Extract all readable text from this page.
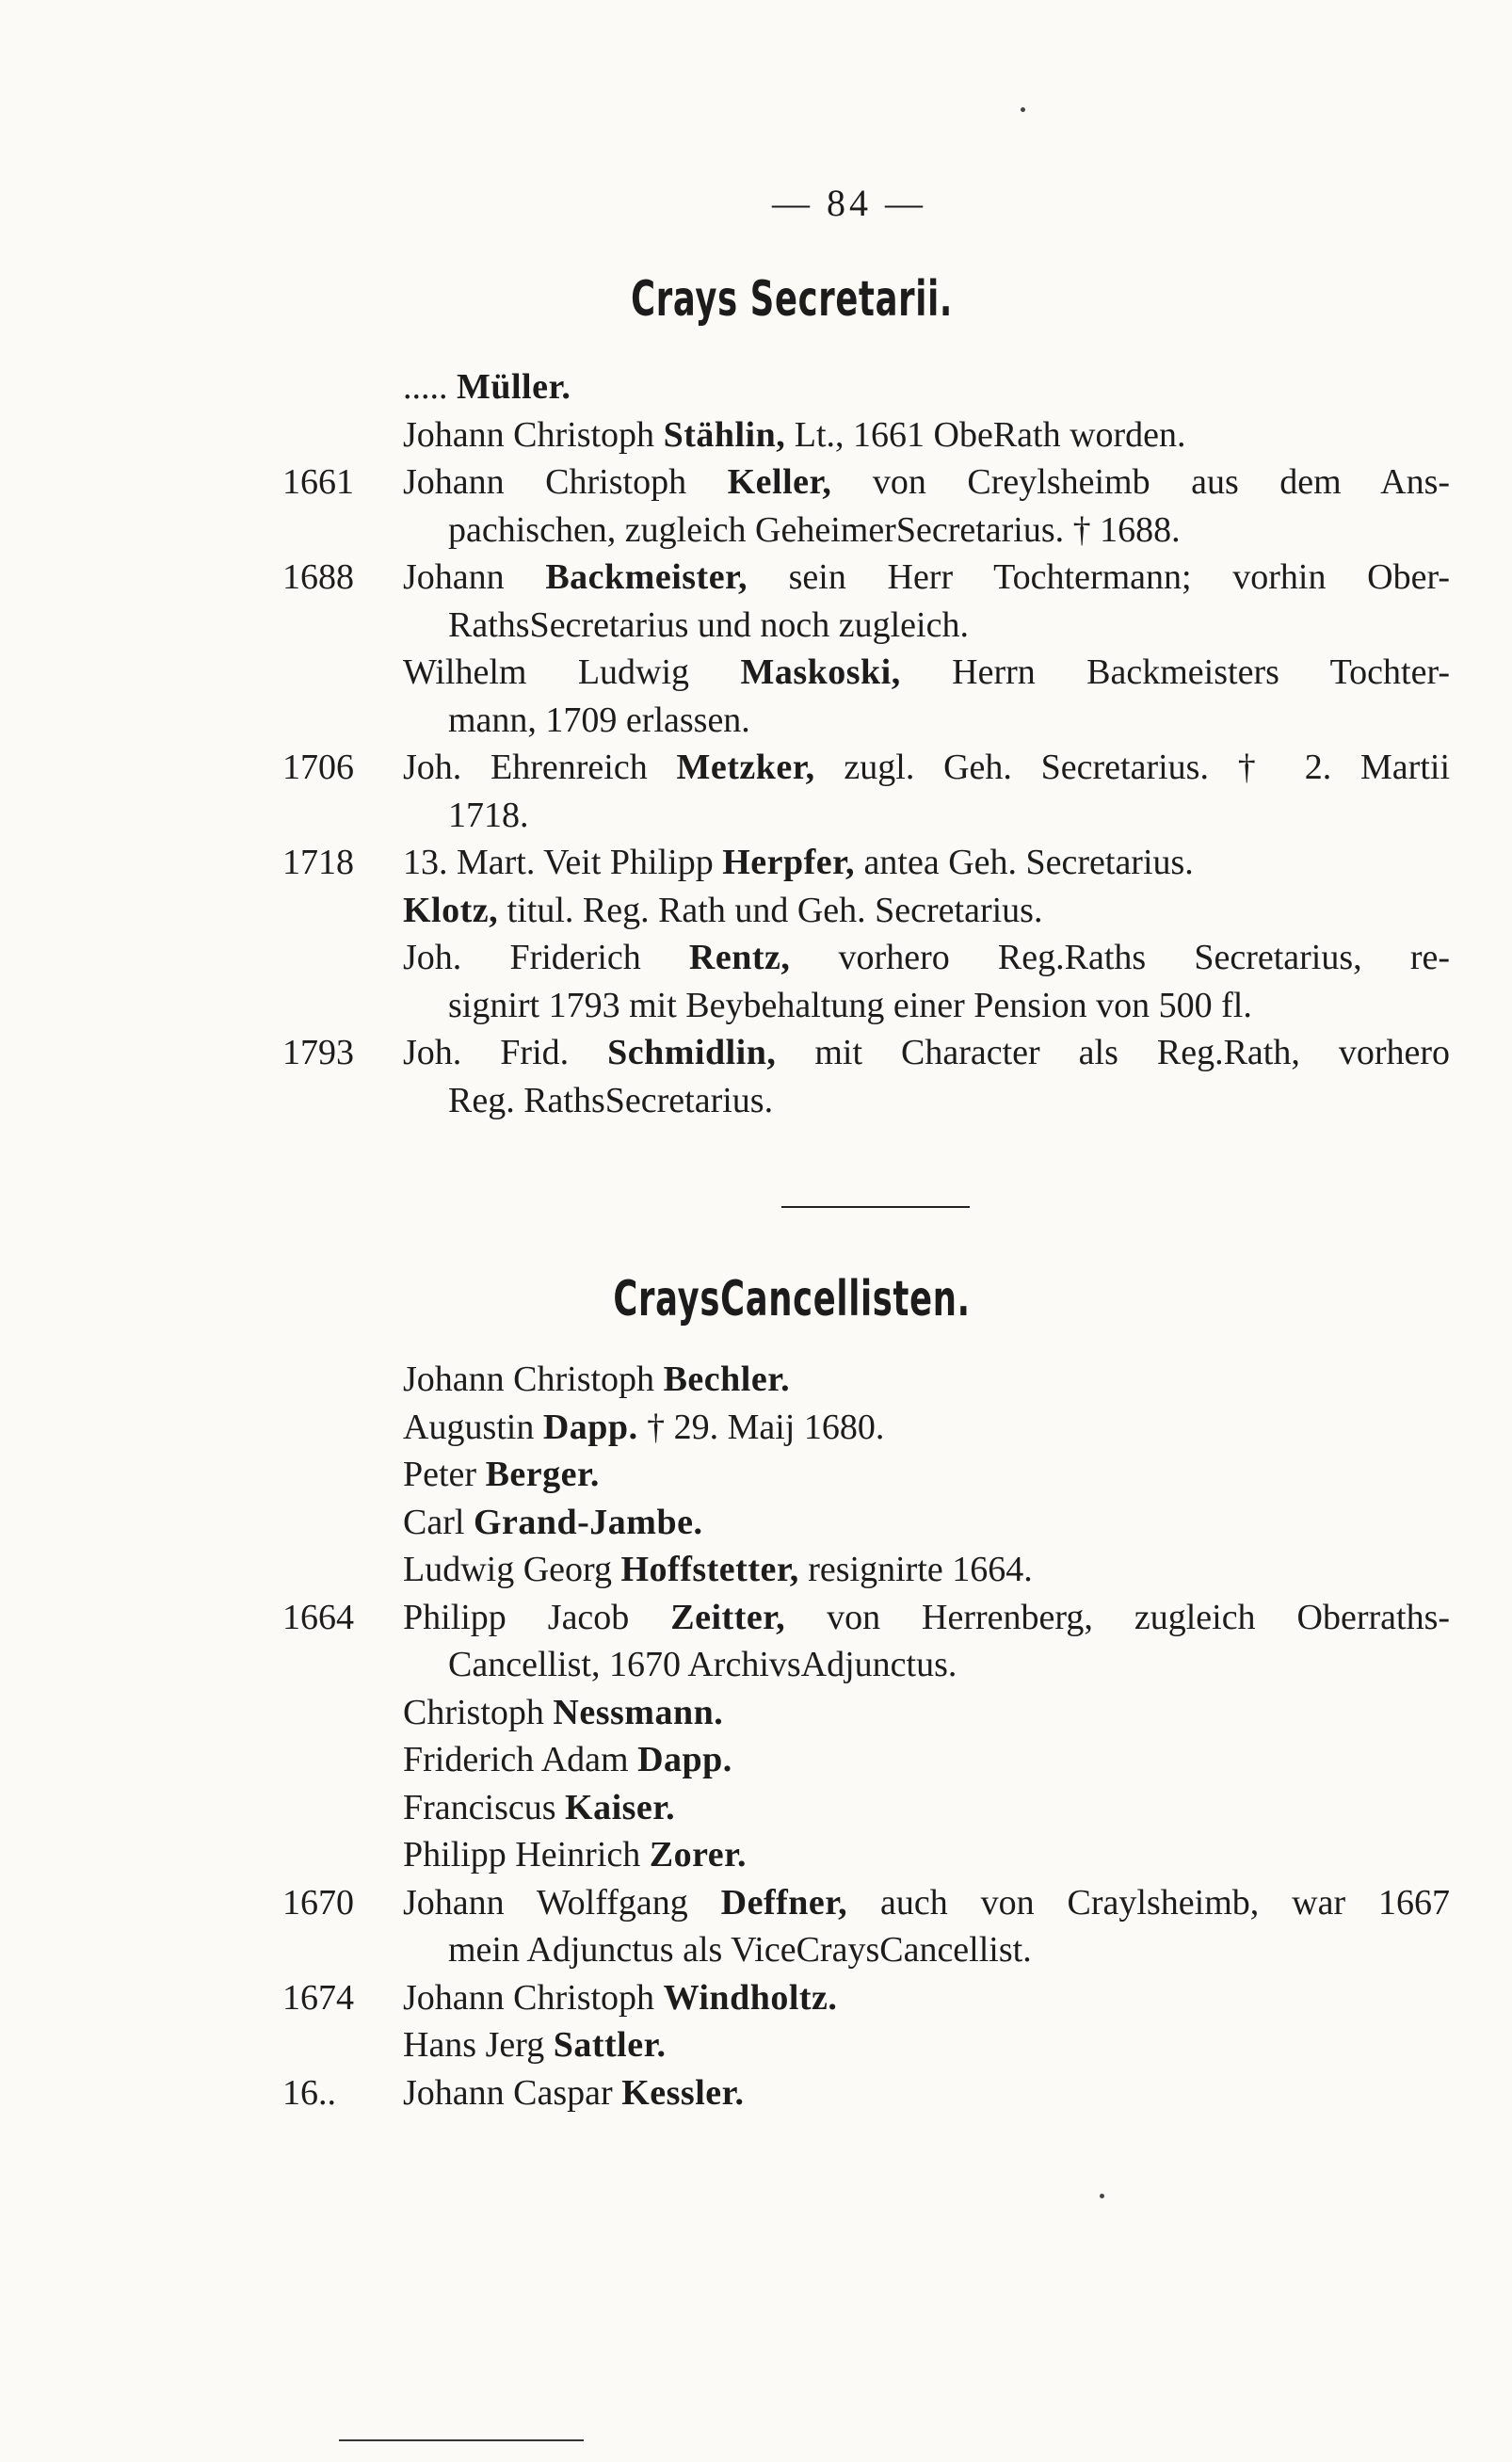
— 84 —
Crays Secretarii.
..... Müller.
Johann Christoph Stählin, Lt., 1661 ObeRath worden.
1661 Johann Christoph Keller, von Creylsheimb aus dem Ans-
pachischen, zugleich GeheimerSecretarius. † 1688.
1688 Johann Backmeister, sein Herr Tochtermann; vorhin Ober-
RathsSecretarius und noch zugleich.
Wilhelm Ludwig Maskoski, Herrn Backmeisters Tochter-
mann, 1709 erlassen.
1706 Joh. Ehrenreich Metzker, zugl. Geh. Secretarius. † 2. Martii
1718.
1718 13. Mart. Veit Philipp Herpfer, antea Geh. Secretarius.
Klotz, titul. Reg. Rath und Geh. Secretarius.
Joh. Friderich Rentz, vorhero Reg.Raths Secretarius, re-
signirt 1793 mit Beybehaltung einer Pension von 500 fl.
1793 Joh. Frid. Schmidlin, mit Character als Reg.Rath, vorhero
Reg. RathsSecretarius.
CraysCancellisten.
Johann Christoph Bechler.
Augustin Dapp. † 29. Maij 1680.
Peter Berger.
Carl Grand-Jambe.
Ludwig Georg Hoffstetter, resignirte 1664.
1664 Philipp Jacob Zeitter, von Herrenberg, zugleich Oberraths-
Cancellist, 1670 ArchivsAdjunctus.
Christoph Nessmann.
Friderich Adam Dapp.
Franciscus Kaiser.
Philipp Heinrich Zorer.
1670 Johann Wolffgang Deffner, auch von Craylsheimb, war 1667
mein Adjunctus als ViceCraysCancellist.
1674 Johann Christoph Windholtz.
Hans Jerg Sattler.
16.. Johann Caspar Kessler.
